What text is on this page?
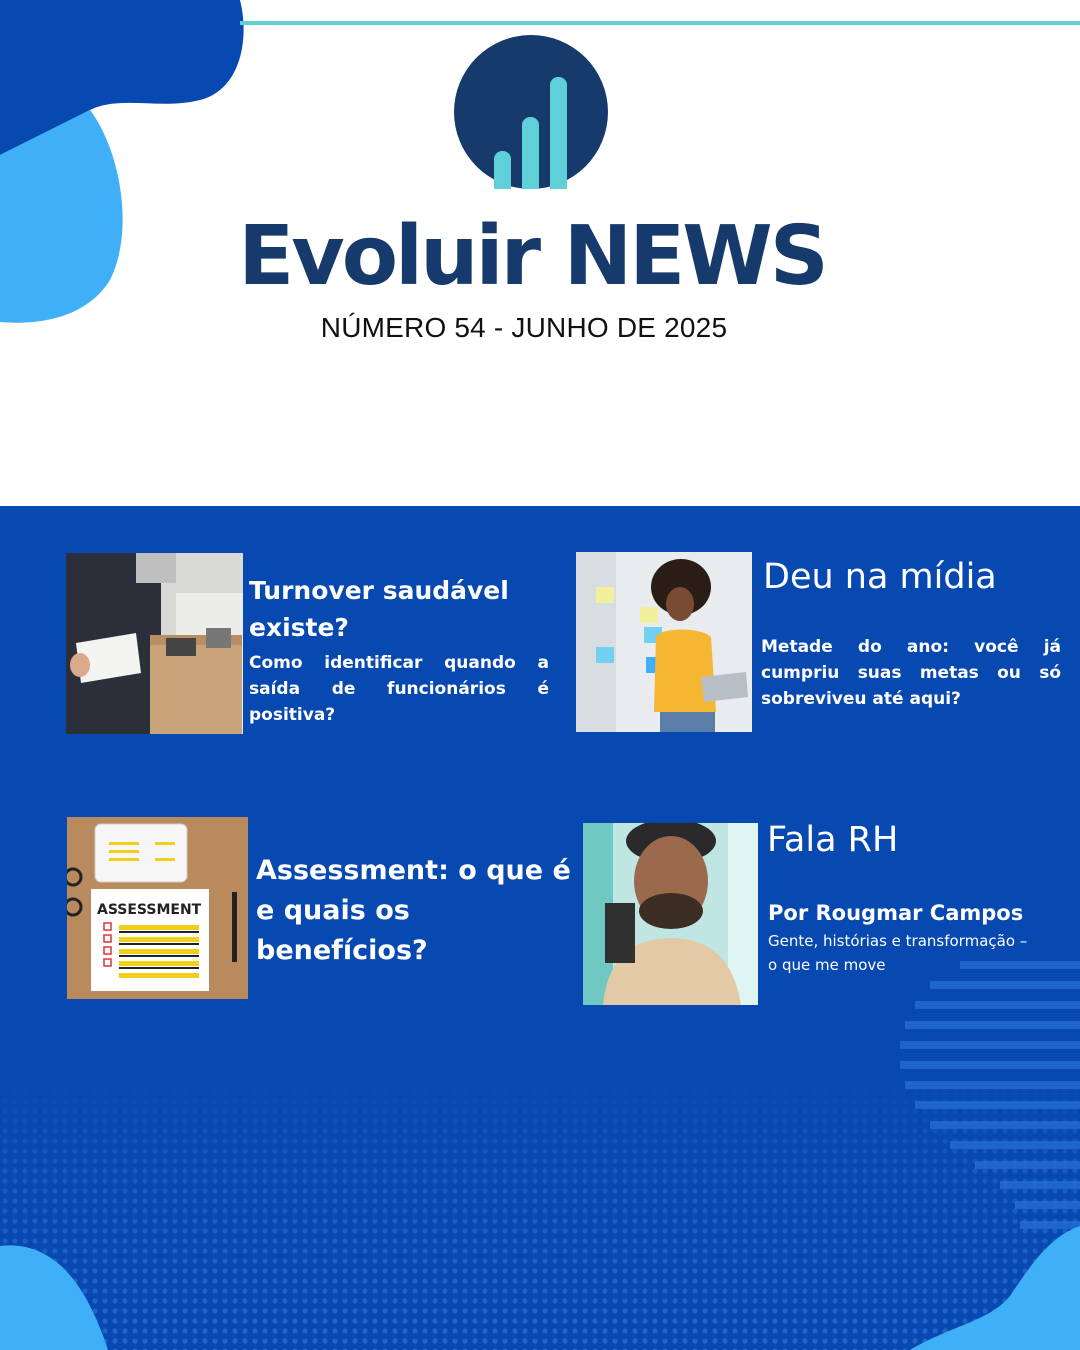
Evoluir NEWS
NÚMERO 54 - JUNHO DE 2025
Turnover saudável existe?
Como identificar quando a saída de funcionários é positiva?
Deu na mídia
Metade do ano: você já cumpriu suas metas ou só sobreviveu até aqui?
ASSESSMENT
Assessment: o que é e quais os benefícios?
Fala RH
Por Rougmar Campos
Gente, histórias e transformação –
o que me move
